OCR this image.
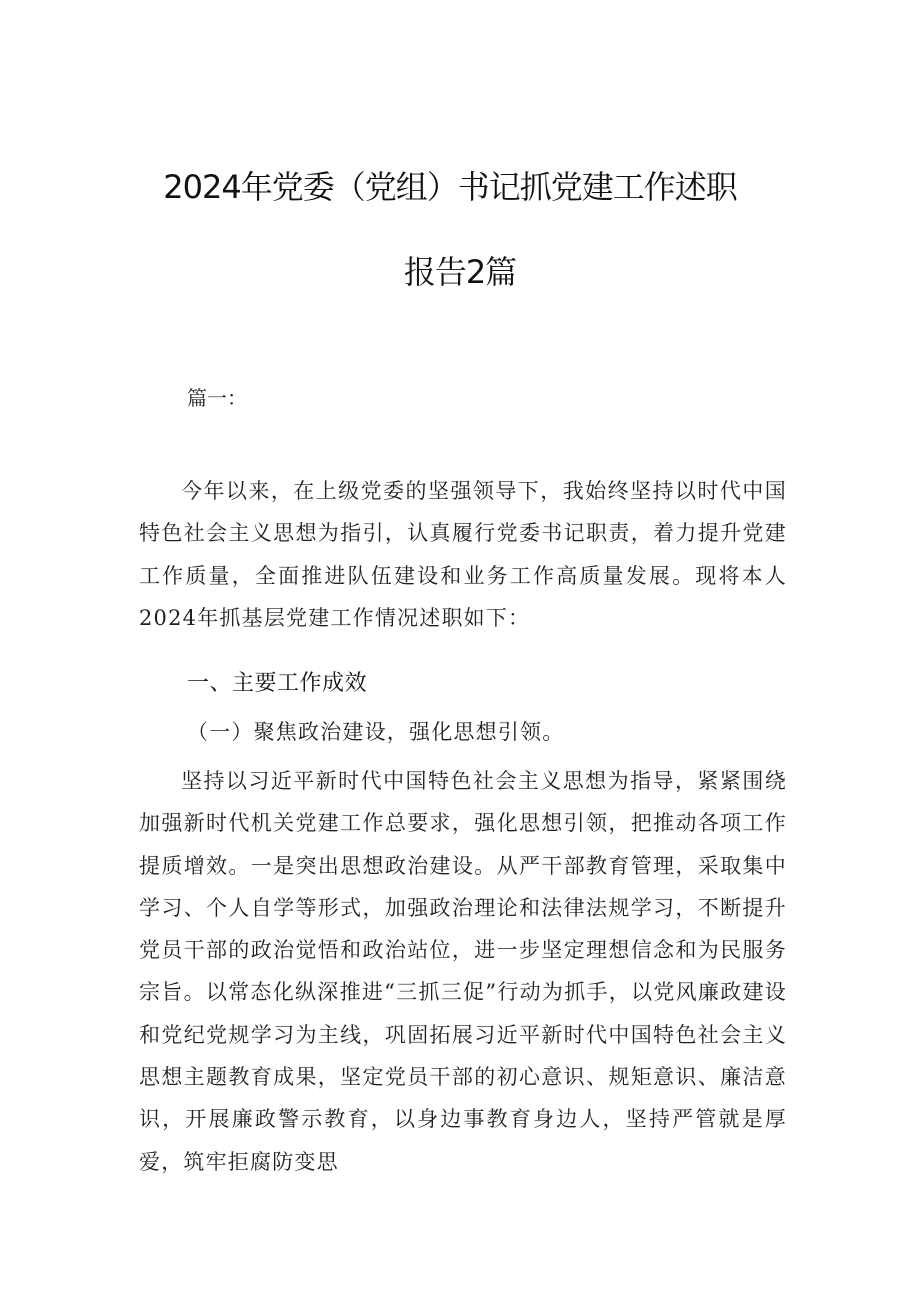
2024年党委（党组）书记抓党建工作述职
报告2篇
篇一：

今年以来，在上级党委的坚强领导下，我始终坚持以时代中国特色社会主义思想为指引，认真履行党委书记职责，着力提升党建工作质量，全面推进队伍建设和业务工作高质量发展。现将本人2024年抓基层党建工作情况述职如下：

一、主要工作成效
（一）聚焦政治建设，强化思想引领。

坚持以习近平新时代中国特色社会主义思想为指导，紧紧围绕加强新时代机关党建工作总要求，强化思想引领，把推动各项工作提质增效。一是突出思想政治建设。从严干部教育管理，采取集中学习、个人自学等形式，加强政治理论和法律法规学习，不断提升党员干部的政治觉悟和政治站位，进一步坚定理想信念和为民服务宗旨。以常态化纵深推进“三抓三促”行动为抓手，以党风廉政建设和党纪党规学习为主线，巩固拓展习近平新时代中国特色社会主义思想主题教育成果，坚定党员干部的初心意识、规矩意识、廉洁意识，开展廉政警示教育，以身边事教育身边人，坚持严管就是厚爱，筑牢拒腐防变思
